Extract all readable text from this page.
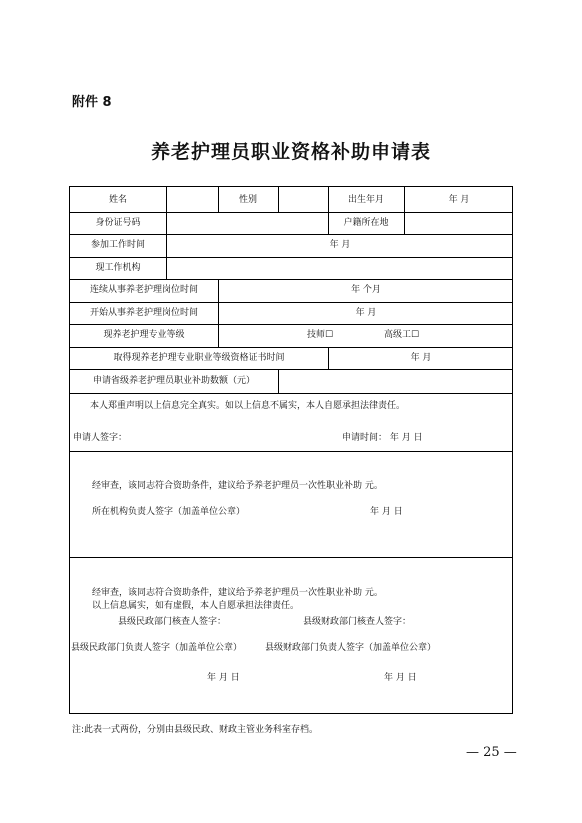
附件 8
养老护理员职业资格补助申请表
姓名	性别	出生年月	年 月
身份证号码	户籍所在地
参加工作时间	年 月
现工作机构
连续从事养老护理岗位时间	年 个月
开始从事养老护理岗位时间	年 月
现养老护理专业等级	技师☐	高级工☐
取得现养老护理专业职业等级资格证书时间	年 月
申请省级养老护理员职业补助数额（元）
本人郑重声明以上信息完全真实。如以上信息不属实，本人自愿承担法律责任。
申请人签字：	申请时间： 年 月 日
经审查，该同志符合资助条件，建议给予养老护理员一次性职业补助 元。
所在机构负责人签字（加盖单位公章）	年 月 日
经审查，该同志符合资助条件，建议给予养老护理员一次性职业补助 元。
以上信息属实，如有虚假，本人自愿承担法律责任。
县级民政部门核查人签字：	县级财政部门核查人签字：
县级民政部门负责人签字（加盖单位公章）	县级财政部门负责人签字（加盖单位公章）
年 月 日	年 月 日
注:此表一式两份，分别由县级民政、财政主管业务科室存档。
— 25 —
